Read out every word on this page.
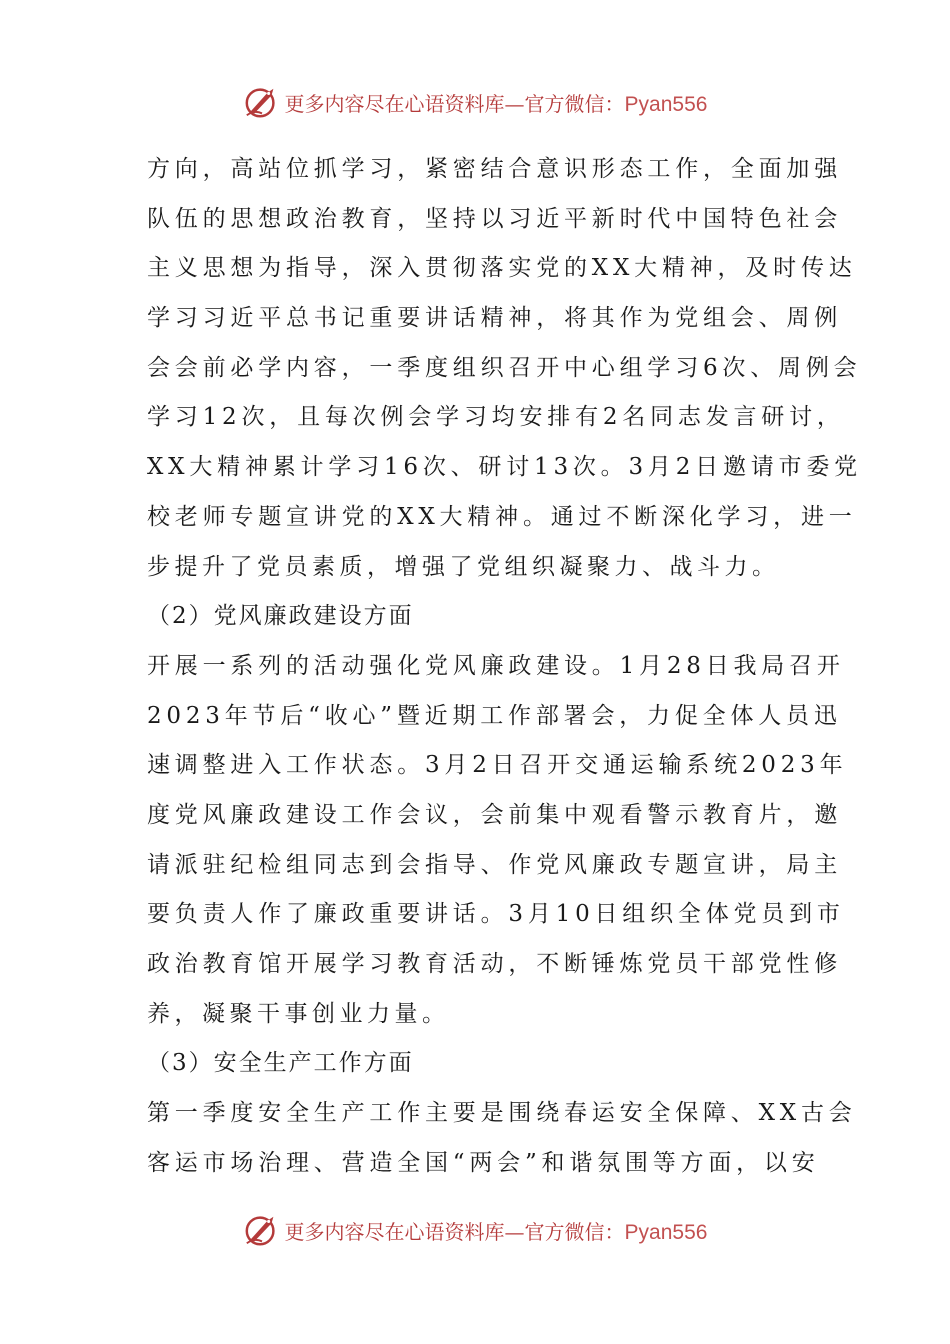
更多内容尽在心语资料库—官方微信：Pyan556
方向，高站位抓学习，紧密结合意识形态工作，全面加强
队伍的思想政治教育，坚持以习近平新时代中国特色社会
主义思想为指导，深入贯彻落实党的XX大精神，及时传达
学习习近平总书记重要讲话精神，将其作为党组会、周例
会会前必学内容，一季度组织召开中心组学习6次、周例会
学习12次，且每次例会学习均安排有2名同志发言研讨，
XX大精神累计学习16次、研讨13次。3月2日邀请市委党
校老师专题宣讲党的XX大精神。通过不断深化学习，进一
步提升了党员素质，增强了党组织凝聚力、战斗力。
（2）党风廉政建设方面
开展一系列的活动强化党风廉政建设。1月28日我局召开
2023年节后“收心”暨近期工作部署会，力促全体人员迅
速调整进入工作状态。3月2日召开交通运输系统2023年
度党风廉政建设工作会议，会前集中观看警示教育片，邀
请派驻纪检组同志到会指导、作党风廉政专题宣讲，局主
要负责人作了廉政重要讲话。3月10日组织全体党员到市
政治教育馆开展学习教育活动，不断锤炼党员干部党性修
养，凝聚干事创业力量。
（3）安全生产工作方面
第一季度安全生产工作主要是围绕春运安全保障、XX古会
客运市场治理、营造全国“两会”和谐氛围等方面，以安
更多内容尽在心语资料库—官方微信：Pyan556
